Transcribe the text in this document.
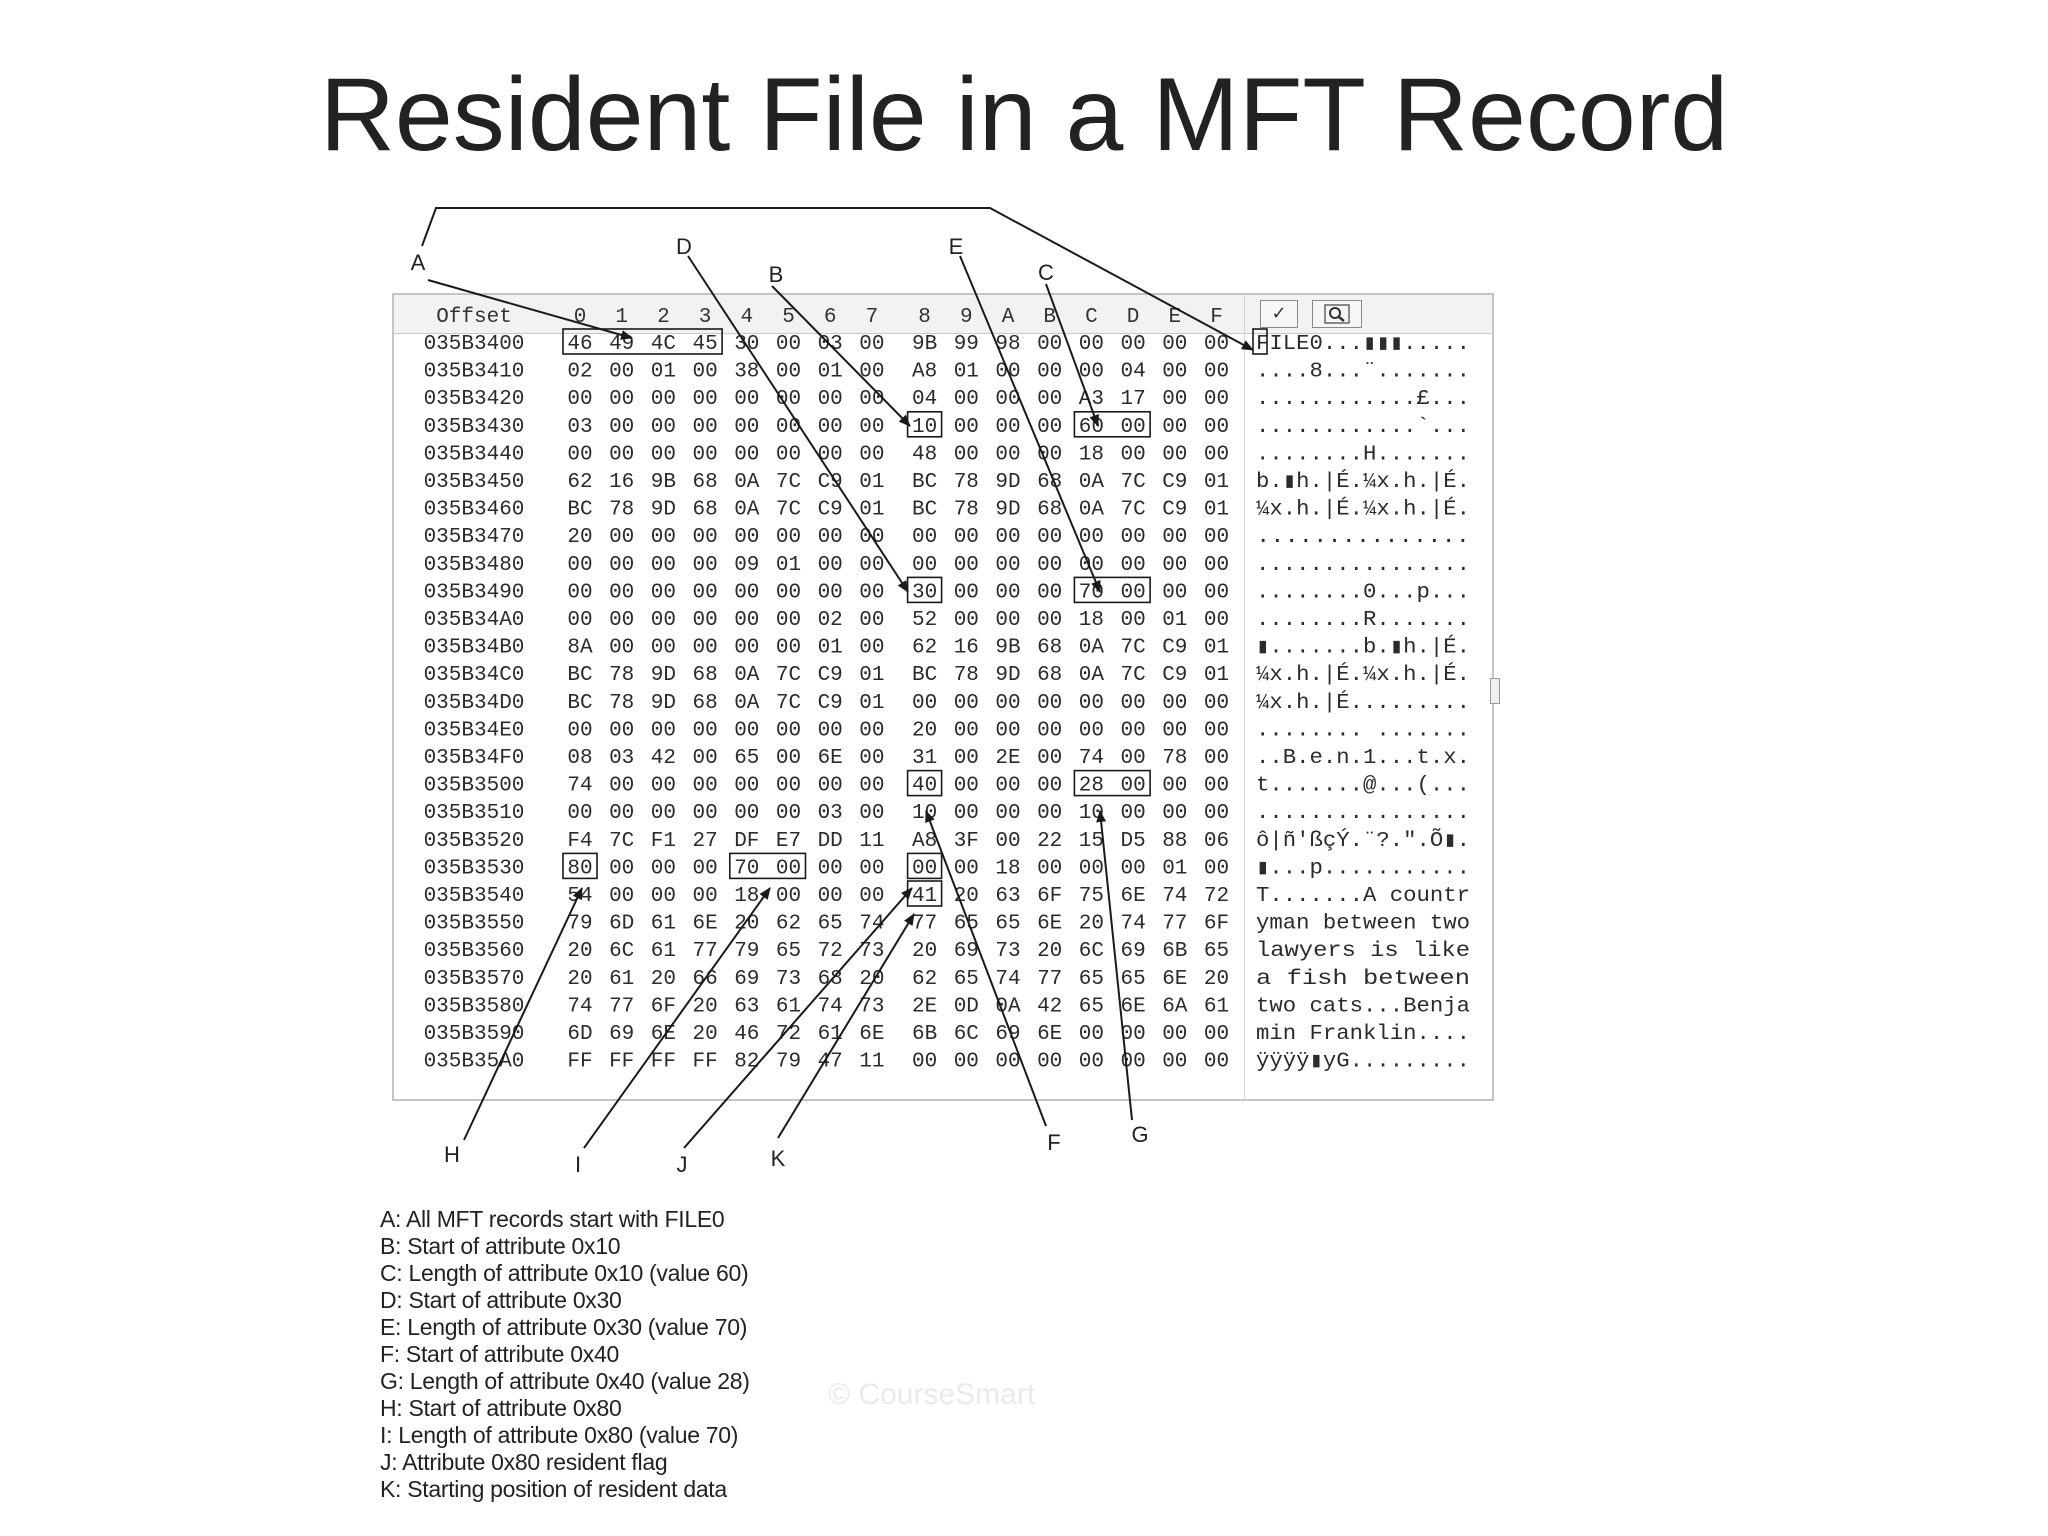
Resident File in a MFT Record
✓
Offset	0 1 2 3 4 5 6 7 8 9 A B C D E F
035B3400 46 49 4C 45 30 00 03 00 9B 99 98 00 00 00 00 00 FILE0...▮▮▮.....
035B3410 02 00 01 00 38 00 01 00 A8 01 00 00 00 04 00 00 ....8...¨.......
035B3420 00 00 00 00 00 00 00 00 04 00 00 00 A3 17 00 00 ............£...
035B3430 03 00 00 00 00 00 00 00 10 00 00 00 60 00 00 00 ............`...
035B3440 00 00 00 00 00 00 00 00 48 00 00 00 18 00 00 00 ........H.......
035B3450 62 16 9B 68 0A 7C C9 01 BC 78 9D 68 0A 7C C9 01 b.▮h.|É.¼x.h.|É.
035B3460 BC 78 9D 68 0A 7C C9 01 BC 78 9D 68 0A 7C C9 01 ¼x.h.|É.¼x.h.|É.
035B3470 20 00 00 00 00 00 00 00 00 00 00 00 00 00 00 00 ...............
035B3480 00 00 00 00 09 01 00 00 00 00 00 00 00 00 00 00 ................
035B3490 00 00 00 00 00 00 00 00 30 00 00 00 70 00 00 00 ........0...p...
035B34A0 00 00 00 00 00 00 02 00 52 00 00 00 18 00 01 00 ........R.......
035B34B0 8A 00 00 00 00 00 01 00 62 16 9B 68 0A 7C C9 01 ▮.......b.▮h.|É.
035B34C0 BC 78 9D 68 0A 7C C9 01 BC 78 9D 68 0A 7C C9 01 ¼x.h.|É.¼x.h.|É.
035B34D0 BC 78 9D 68 0A 7C C9 01 00 00 00 00 00 00 00 00 ¼x.h.|É.........
035B34E0 00 00 00 00 00 00 00 00 20 00 00 00 00 00 00 00 ........ .......
035B34F0 08 03 42 00 65 00 6E 00 31 00 2E 00 74 00 78 00 ..B.e.n.1...t.x.
035B3500 74 00 00 00 00 00 00 00 40 00 00 00 28 00 00 00 t.......@...(...
035B3510 00 00 00 00 00 00 03 00 10 00 00 00 10 00 00 00 ................
035B3520 F4 7C F1 27 DF E7 DD 11 A8 3F 00 22 15 D5 88 06 ô|ñ'ßçÝ.¨?.".Õ▮.
035B3530 80 00 00 00 70 00 00 00 00 00 18 00 00 00 01 00 ▮...p...........
035B3540 54 00 00 00 18 00 00 00 41 20 63 6F 75 6E 74 72 T.......A countr
035B3550 79 6D 61 6E 20 62 65 74 77 65 65 6E 20 74 77 6F yman between two
035B3560 20 6C 61 77 79 65 72 73 20 69 73 20 6C 69 6B 65 lawyers is like
035B3570 20 61 20 66 69 73 68 20 62 65 74 77 65 65 6E 20 a fish between
035B3580 74 77 6F 20 63 61 74 73 2E 0D 0A 42 65 6E 6A 61 two cats...Benja
035B3590 6D 69 6E 20 46 72 61 6E 6B 6C 69 6E 00 00 00 00 min Franklin....
035B35A0 FF FF FF FF 82 79 47 11 00 00 00 00 00 00 00 00 ÿÿÿÿ▮yG.........
A	B	C
D	E
F	G
H	I	J	K
A: All MFT records start with FILE0
B: Start of attribute 0x10
C: Length of attribute 0x10 (value 60)
D: Start of attribute 0x30
E: Length of attribute 0x30 (value 70)
F: Start of attribute 0x40
G: Length of attribute 0x40 (value 28)
H: Start of attribute 0x80
I: Length of attribute 0x80 (value 70)
J: Attribute 0x80 resident flag
K: Starting position of resident data
© CourseSmart
